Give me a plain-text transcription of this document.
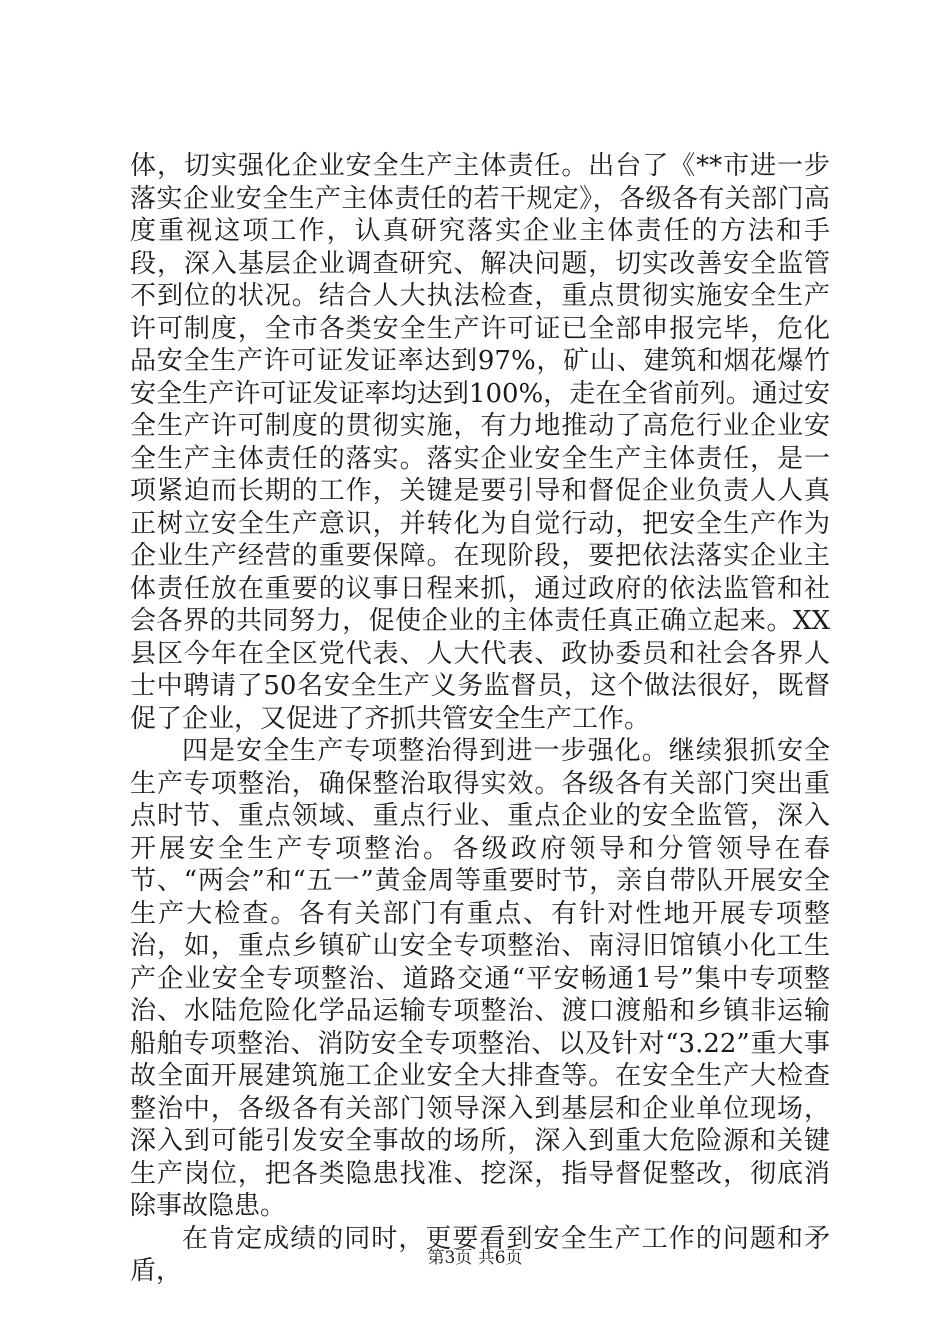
体，切实强化企业安全生产主体责任。出台了《**市进一步落实企业安全生产主体责任的若干规定》，各级各有关部门高度重视这项工作，认真研究落实企业主体责任的方法和手段，深入基层企业调查研究、解决问题，切实改善安全监管不到位的状况。结合人大执法检查，重点贯彻实施安全生产许可制度，全市各类安全生产许可证已全部申报完毕，危化品安全生产许可证发证率达到97%，矿山、建筑和烟花爆竹安全生产许可证发证率均达到100%，走在全省前列。通过安全生产许可制度的贯彻实施，有力地推动了高危行业企业安全生产主体责任的落实。落实企业安全生产主体责任，是一项紧迫而长期的工作，关键是要引导和督促企业负责人人真正树立安全生产意识，并转化为自觉行动，把安全生产作为企业生产经营的重要保障。在现阶段，要把依法落实企业主体责任放在重要的议事日程来抓，通过政府的依法监管和社会各界的共同努力，促使企业的主体责任真正确立起来。XX县区今年在全区党代表、人大代表、政协委员和社会各界人士中聘请了50名安全生产义务监督员，这个做法很好，既督促了企业，又促进了齐抓共管安全生产工作。

四是安全生产专项整治得到进一步强化。继续狠抓安全生产专项整治，确保整治取得实效。各级各有关部门突出重点时节、重点领域、重点行业、重点企业的安全监管，深入开展安全生产专项整治。各级政府领导和分管领导在春节、“两会”和“五一”黄金周等重要时节，亲自带队开展安全生产大检查。各有关部门有重点、有针对性地开展专项整治，如，重点乡镇矿山安全专项整治、南浔旧馆镇小化工生产企业安全专项整治、道路交通“平安畅通1号”集中专项整治、水陆危险化学品运输专项整治、渡口渡船和乡镇非运输船舶专项整治、消防安全专项整治、以及针对“3.22”重大事故全面开展建筑施工企业安全大排查等。在安全生产大检查整治中，各级各有关部门领导深入到基层和企业单位现场，深入到可能引发安全事故的场所，深入到重大危险源和关键生产岗位，把各类隐患找准、挖深，指导督促整改，彻底消除事故隐患。

在肯定成绩的同时，更要看到安全生产工作的问题和矛盾，	第3页 共6页
